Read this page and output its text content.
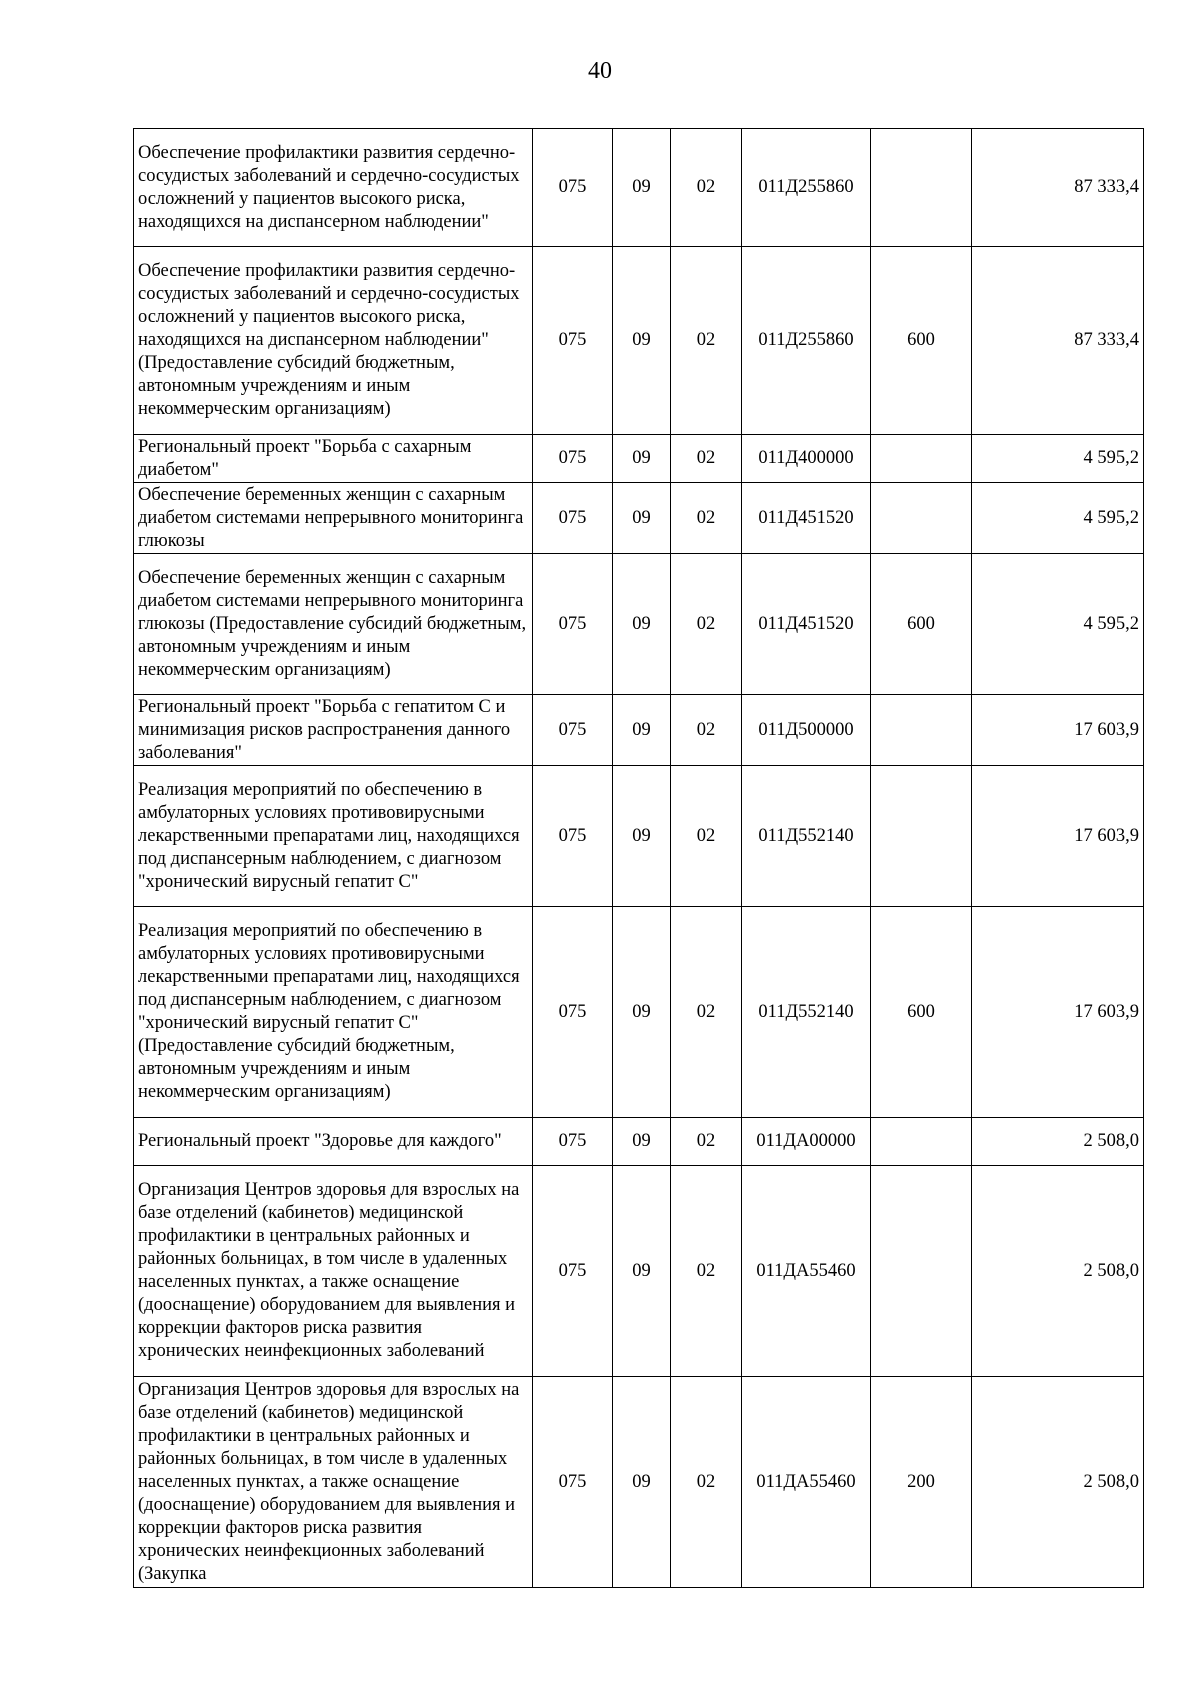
40
Обеспечение профилактики развития сердечно-сосудистых заболеваний и сердечно-сосудистых осложнений у пациентов высокого риска, находящихся на диспансерном наблюдении"	075	09	02	011Д255860		87 333,4
Обеспечение профилактики развития сердечно-сосудистых заболеваний и сердечно-сосудистых осложнений у пациентов высокого риска, находящихся на диспансерном наблюдении" (Предоставление субсидий бюджетным, автономным учреждениям и иным некоммерческим организациям)	075	09	02	011Д255860	600	87 333,4
Региональный проект "Борьба с сахарным диабетом"	075	09	02	011Д400000		4 595,2
Обеспечение беременных женщин с сахарным диабетом системами непрерывного мониторинга глюкозы	075	09	02	011Д451520		4 595,2
Обеспечение беременных женщин с сахарным диабетом системами непрерывного мониторинга глюкозы (Предоставление субсидий бюджетным, автономным учреждениям и иным некоммерческим организациям)	075	09	02	011Д451520	600	4 595,2
Региональный проект "Борьба с гепатитом С и минимизация рисков распространения данного заболевания"	075	09	02	011Д500000		17 603,9
Реализация мероприятий по обеспечению в амбулаторных условиях противовирусными лекарственными препаратами лиц, находящихся под диспансерным наблюдением, с диагнозом "хронический вирусный гепатит С"	075	09	02	011Д552140		17 603,9
Реализация мероприятий по обеспечению в амбулаторных условиях противовирусными лекарственными препаратами лиц, находящихся под диспансерным наблюдением, с диагнозом "хронический вирусный гепатит С" (Предоставление субсидий бюджетным, автономным учреждениям и иным некоммерческим организациям)	075	09	02	011Д552140	600	17 603,9
Региональный проект "Здоровье для каждого"	075	09	02	011ДА00000		2 508,0
Организация Центров здоровья для взрослых на базе отделений (кабинетов) медицинской профилактики в центральных районных и районных больницах, в том числе в удаленных населенных пунктах, а также оснащение (дооснащение) оборудованием для выявления и коррекции факторов риска развития хронических неинфекционных заболеваний	075	09	02	011ДА55460		2 508,0
Организация Центров здоровья для взрослых на базе отделений (кабинетов) медицинской профилактики в центральных районных и районных больницах, в том числе в удаленных населенных пунктах, а также оснащение (дооснащение) оборудованием для выявления и коррекции факторов риска развития хронических неинфекционных заболеваний (Закупка	075	09	02	011ДА55460	200	2 508,0
